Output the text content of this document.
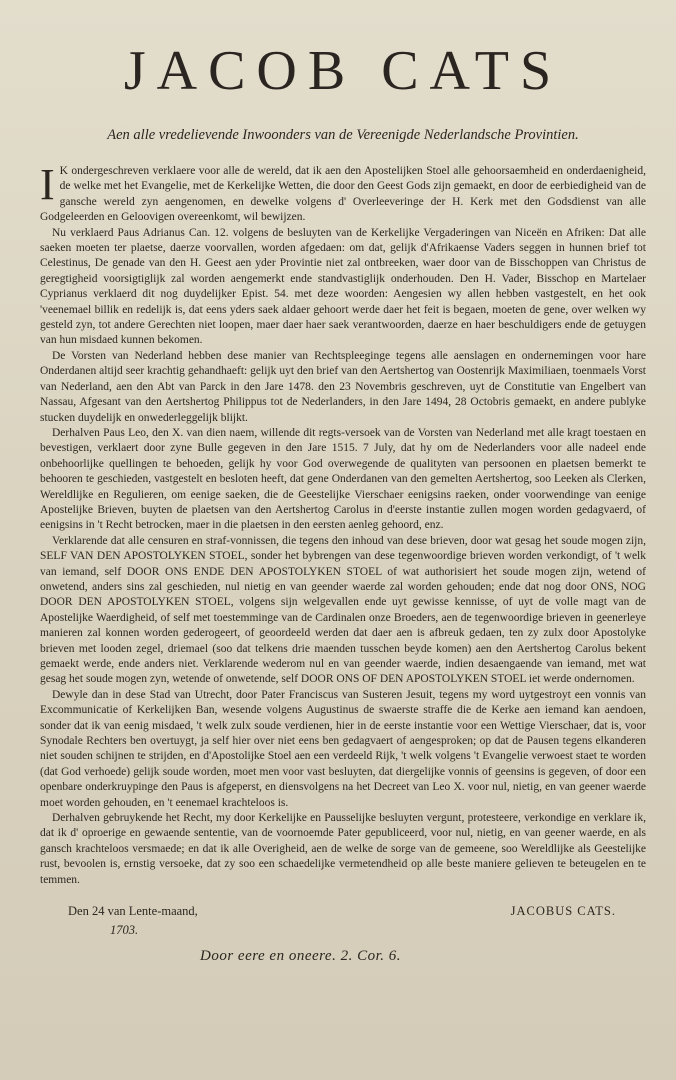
JACOB CATS
Aen alle vredelievende Inwoonders van de Vereenigde Nederlandsche Provintien.

I K ondergeschreven verklaere voor alle de wereld, dat ik aen den Apostelijken Stoel alle gehoorsaemheid en onderdaenigheid, de welke met het Evangelie, met de Kerkelijke Wetten, die door den Geest Gods zijn gemaekt, en door de eerbiedigheid van de gansche wereld zyn aengenomen, en dewelke volgens d' Overleeveringe der H. Kerk met den Godsdienst van alle Godgeleerden en Geloovigen overeenkomt, wil bewijzen.

Nu verklaerd Paus Adrianus Can. 12. volgens de besluyten van de Kerkelijke Vergaderingen van Niceën en Afriken: Dat alle saeken moeten ter plaetse, daerze voorvallen, worden afgedaen: om dat, gelijk d'Afrikaense Vaders seggen in hunnen brief tot Celestinus, De genade van den H. Geest aen yder Provintie niet zal ontbreeken, waer door van de Bisschoppen van Christus de geregtigheid voorsigtiglijk zal worden aengemerkt ende standvastiglijk onderhouden. Den H. Vader, Bisschop en Martelaer Cyprianus verklaerd dit nog duydelijker Epist. 54. met deze woorden: Aengesien wy allen hebben vastgestelt, en het ook 'veenemael billik en redelijk is, dat eens yders saek aldaer gehoort werde daer het feit is begaen, moeten de gene, over welken wy gesteld zyn, tot andere Gerechten niet loopen, maer daer haer saek verantwoorden, daerze en haer beschuldigers ende de getuygen van hun misdaed kunnen bekomen.

De Vorsten van Nederland hebben dese manier van Rechtspleeginge tegens alle aenslagen en ondernemingen voor hare Onderdanen altijd seer krachtig gehandhaeft: gelijk uyt den brief van den Aertshertog van Oostenrijk Maximiliaen, toenmaels Vorst van Nederland, aen den Abt van Parck in den Jare 1478. den 23 Novembris geschreven, uyt de Constitutie van Engelbert van Nassau, Afgesant van den Aertshertog Philippus tot de Nederlanders, in den Jare 1494, 28 Octobris gemaekt, en andere publyke stucken duydelijk en onwederleggelijk blijkt.

Derhalven Paus Leo, den X. van dien naem, willende dit regts-versoek van de Vorsten van Nederland met alle kragt toestaen en bevestigen, verklaert door zyne Bulle gegeven in den Jare 1515. 7 July, dat hy om de Nederlanders voor alle nadeel ende onbehoorlijke quellingen te behoeden, gelijk hy voor God overwegende de qualityten van persoonen en plaetsen bemerkt te behooren te geschieden, vastgestelt en besloten heeft, dat gene Onderdanen van den gemelten Aertshertog, soo Leeken als Clerken, Wereldlijke en Regulieren, om eenige saeken, die de Geestelijke Vierschaer eenigsins raeken, onder voorwendinge van eenige Apostelijke Brieven, buyten de plaetsen van den Aertshertog Carolus in d'eerste instantie zullen mogen worden gedagvaerd, of eenigsins in 't Recht betrocken, maer in die plaetsen in den eersten aenleg gehoord, enz.

Verklarende dat alle censuren en straf-vonnissen, die tegens den inhoud van dese brieven, door wat gesag het soude mogen zijn, SELF VAN DEN APOSTOLYKEN STOEL, sonder het bybrengen van dese tegenwoordige brieven worden verkondigt, of 't welk van iemand, self DOOR ONS ENDE DEN APOSTOLYKEN STOEL of wat authorisiert het soude mogen zijn, wetend of onwetend, anders sins zal geschieden, nul nietig en van geender waerde zal worden gehouden; ende dat nog door ONS, NOG DOOR DEN APOSTOLYKEN STOEL, volgens sijn welgevallen ende uyt gewisse kennisse, of uyt de volle magt van de Apostelijke Waerdigheid, of self met toestemminge van de Cardinalen onze Broeders, aen de tegenwoordige brieven in geenerleye manieren zal konnen worden gederogeert, of geoordeeld werden dat daer aen is afbreuk gedaen, ten zy zulx door Apostolyke brieven met looden zegel, driemael (soo dat telkens drie maenden tusschen beyde komen) aen den Aertshertog Carolus bekent gemaekt werde, ende anders niet. Verklarende wederom nul en van geender waerde, indien desaengaende van iemand, met wat gesag het soude mogen zyn, wetende of onwetende, self DOOR ONS OF DEN APOSTOLYKEN STOEL iet werde ondernomen.

Dewyle dan in dese Stad van Utrecht, door Pater Franciscus van Susteren Jesuit, tegens my word uytgestroyt een vonnis van Excommunicatie of Kerkelijken Ban, wesende volgens Augustinus de swaerste straffe die de Kerke aen iemand kan aendoen, sonder dat ik van eenig misdaed, 't welk zulx soude verdienen, hier in de eerste instantie voor een Wettige Vierschaer, dat is, voor Synodale Rechters ben overtuygt, ja self hier over niet eens ben gedagvaert of aengesproken; op dat de Pausen tegens elkanderen niet souden schijnen te strijden, en d'Apostolijke Stoel aen een verdeeld Rijk, 't welk volgens 't Evangelie verwoest staet te worden (dat God verhoede) gelijk soude worden, moet men voor vast besluyten, dat diergelijke vonnis of geensins is gegeven, of door een openbare onderkruypinge den Paus is afgeperst, en diensvolgens na het Decreet van Leo X. voor nul, nietig, en van geener waerde moet worden gehouden, en 't eenemael krachteloos is.

Derhalven gebruykende het Recht, my door Kerkelijke en Pausselijke besluyten vergunt, protesteere, verkondige en verklare ik, dat ik d' oproerige en gewaende sententie, van de voornoemde Pater gepubliceerd, voor nul, nietig, en van geener waerde, en als gansch krachteloos versmaede; en dat ik alle Overigheid, aen de welke de sorge van de gemeene, soo Wereldlijke als Geestelijke rust, bevoolen is, ernstig versoeke, dat zy soo een schaedelijke vermetendheid op alle beste maniere gelieven te beteugelen en te temmen.

Den 24 van Lente-maand,
1703.
JACOBUS CATS.
Door eere en oneere. 2. Cor. 6.
